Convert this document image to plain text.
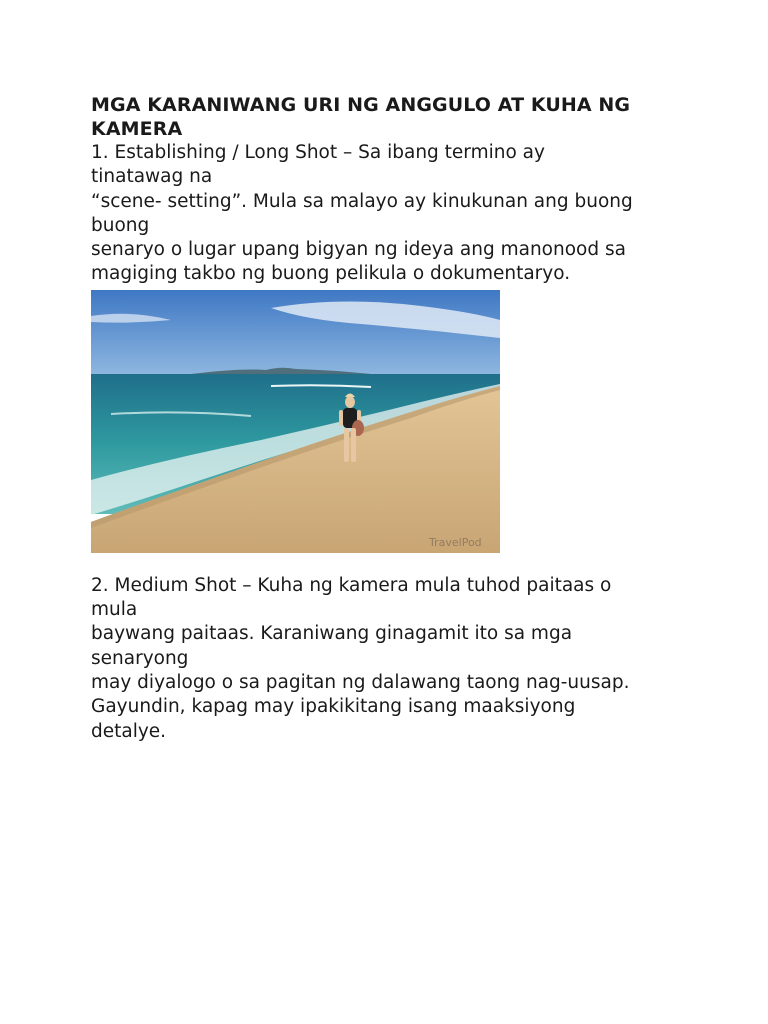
MGA KARANIWANG URI NG ANGGULO AT KUHA NG
KAMERA
1. Establishing / Long Shot – Sa ibang termino ay
tinatawag na
“scene- setting”. Mula sa malayo ay kinukunan ang buong
buong
senaryo o lugar upang bigyan ng ideya ang manonood sa
magiging takbo ng buong pelikula o dokumentaryo.
TravelPod
2. Medium Shot – Kuha ng kamera mula tuhod paitaas o
mula
baywang paitaas. Karaniwang ginagamit ito sa mga
senaryong
may diyalogo o sa pagitan ng dalawang taong nag-uusap.
Gayundin, kapag may ipakikitang isang maaksiyong
detalye.
